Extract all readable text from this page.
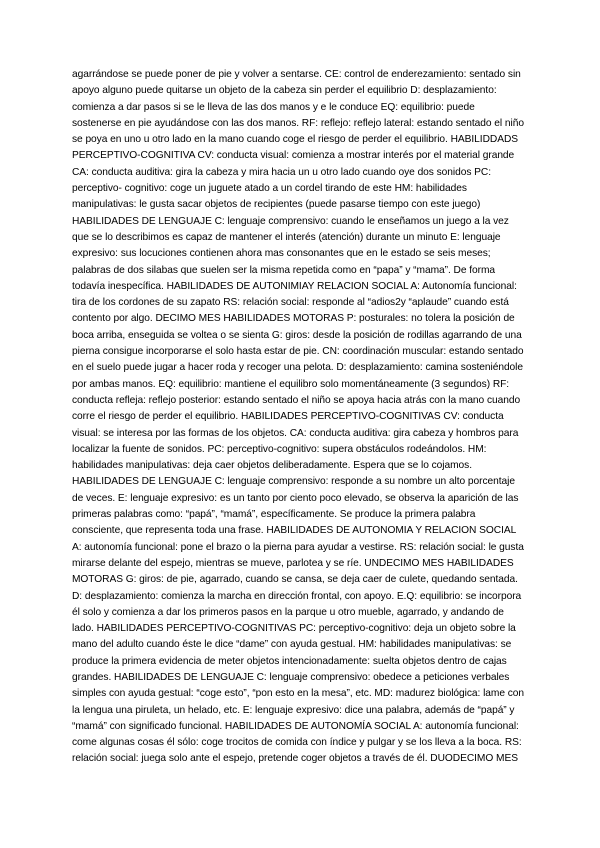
agarrándose se puede poner de pie y volver a sentarse. CE: control de enderezamiento: sentado sin apoyo alguno puede quitarse un objeto de la cabeza sin perder el equilibrio D: desplazamiento: comienza a dar pasos si se le lleva de las dos manos y e le conduce EQ: equilibrio: puede sostenerse en pie ayudándose con las dos manos. RF: reflejo: reflejo lateral: estando sentado el niño se poya en uno u otro lado en la mano cuando coge el riesgo de perder el equilibrio. HABILIDDADS PERCEPTIVO-COGNITIVA CV: conducta visual: comienza a mostrar interés por el material grande CA: conducta auditiva: gira la cabeza y mira hacia un u otro lado cuando oye dos sonidos PC: perceptivo- cognitivo: coge un juguete atado a un cordel tirando de este HM: habilidades manipulativas: le gusta sacar objetos de recipientes (puede pasarse tiempo con este juego) HABILIDADES DE LENGUAJE C: lenguaje comprensivo: cuando le enseñamos un juego a la vez que se lo describimos es capaz de mantener el interés (atención) durante un minuto E: lenguaje expresivo: sus locuciones contienen ahora mas consonantes que en le estado se seis meses; palabras de dos silabas que suelen ser la misma repetida como en “papa” y “mama”. De forma todavía inespecífica. HABILIDADES DE AUTONIMIAY RELACION SOCIAL A: Autonomía funcional: tira de los cordones de su zapato RS: relación social: responde al “adios2y “aplaude” cuando está contento por algo. DECIMO MES HABILIDADES MOTORAS P: posturales: no tolera la posición de boca arriba, enseguida se voltea o se sienta G: giros: desde la posición de rodillas agarrando de una pierna consigue incorporarse el solo hasta estar de pie. CN: coordinación muscular: estando sentado en el suelo puede jugar a hacer roda y recoger una pelota. D: desplazamiento: camina sosteniéndole por ambas manos. EQ: equilibrio: mantiene el equilibro solo momentáneamente (3 segundos) RF: conducta refleja: reflejo posterior: estando sentado el niño se apoya hacia atrás con la mano cuando corre el riesgo de perder el equilibrio. HABILIDADES PERCEPTIVO-COGNITIVAS CV: conducta visual: se interesa por las formas de los objetos. CA: conducta auditiva: gira cabeza y hombros para localizar la fuente de sonidos. PC: perceptivo-cognitivo: supera obstáculos rodeándolos. HM: habilidades manipulativas: deja caer objetos deliberadamente. Espera que se lo cojamos. HABILIDADES DE LENGUAJE C: lenguaje comprensivo: responde a su nombre un alto porcentaje de veces. E: lenguaje expresivo: es un tanto por ciento poco elevado, se observa la aparición de las primeras palabras como: “papá”, “mamá”, específicamente. Se produce la primera palabra consciente, que representa toda una frase. HABILIDADES DE AUTONOMIA Y RELACION SOCIAL A: autonomía funcional: pone el brazo o la pierna para ayudar a vestirse. RS: relación social: le gusta mirarse delante del espejo, mientras se mueve, parlotea y se ríe. UNDECIMO MES HABILIDADES MOTORAS G: giros: de pie, agarrado, cuando se cansa, se deja caer de culete, quedando sentada. D: desplazamiento: comienza la marcha en dirección frontal, con apoyo. E.Q: equilibrio: se incorpora él solo y comienza a dar los primeros pasos en la parque u otro mueble, agarrado, y andando de lado. HABILIDADES PERCEPTIVO-COGNITIVAS PC: perceptivo-cognitivo: deja un objeto sobre la mano del adulto cuando éste le dice “dame” con ayuda gestual. HM: habilidades manipulativas: se produce la primera evidencia de meter objetos intencionadamente: suelta objetos dentro de cajas grandes. HABILIDADES DE LENGUAJE C: lenguaje comprensivo: obedece a peticiones verbales simples con ayuda gestual: “coge esto”, “pon esto en la mesa”, etc. MD: madurez biológica: lame con la lengua una piruleta, un helado, etc. E: lenguaje expresivo: dice una palabra, además de “papá” y “mamá” con significado funcional. HABILIDADES DE AUTONOMÍA SOCIAL A: autonomía funcional: come algunas cosas él sólo: coge trocitos de comida con índice y pulgar y se los lleva a la boca. RS: relación social: juega solo ante el espejo, pretende coger objetos a través de él. DUODECIMO MES
